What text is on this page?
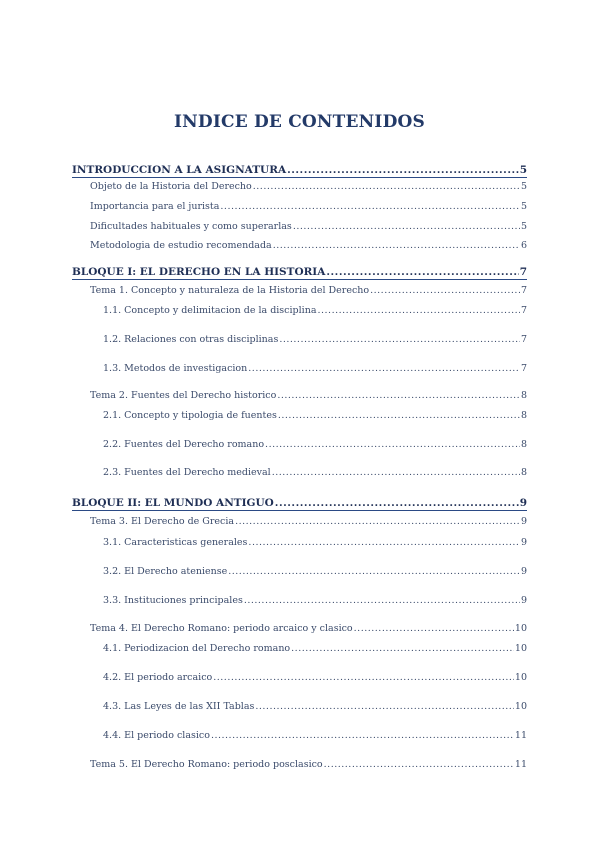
INDICE DE CONTENIDOS
INTRODUCCION A LA ASIGNATURA .....	5
Objeto de la Historia del Derecho .....	5
Importancia para el jurista .....	5
Dificultades habituales y como superarlas .....	5
Metodologia de estudio recomendada .....	6
BLOQUE I: EL DERECHO EN LA HISTORIA .....	7
Tema 1. Concepto y naturaleza de la Historia del Derecho .....	7
1.1. Concepto y delimitacion de la disciplina .....	7
1.2. Relaciones con otras disciplinas .....	7
1.3. Metodos de investigacion .....	7
Tema 2. Fuentes del Derecho historico .....	8
2.1. Concepto y tipologia de fuentes .....	8
2.2. Fuentes del Derecho romano .....	8
2.3. Fuentes del Derecho medieval .....	8
BLOQUE II: EL MUNDO ANTIGUO .....	9
Tema 3. El Derecho de Grecia .....	9
3.1. Caracteristicas generales .....	9
3.2. El Derecho ateniense .....	9
3.3. Instituciones principales .....	9
Tema 4. El Derecho Romano: periodo arcaico y clasico .....	10
4.1. Periodizacion del Derecho romano .....	10
4.2. El periodo arcaico .....	10
4.3. Las Leyes de las XII Tablas .....	10
4.4. El periodo clasico .....	11
Tema 5. El Derecho Romano: periodo posclasico .....	11
